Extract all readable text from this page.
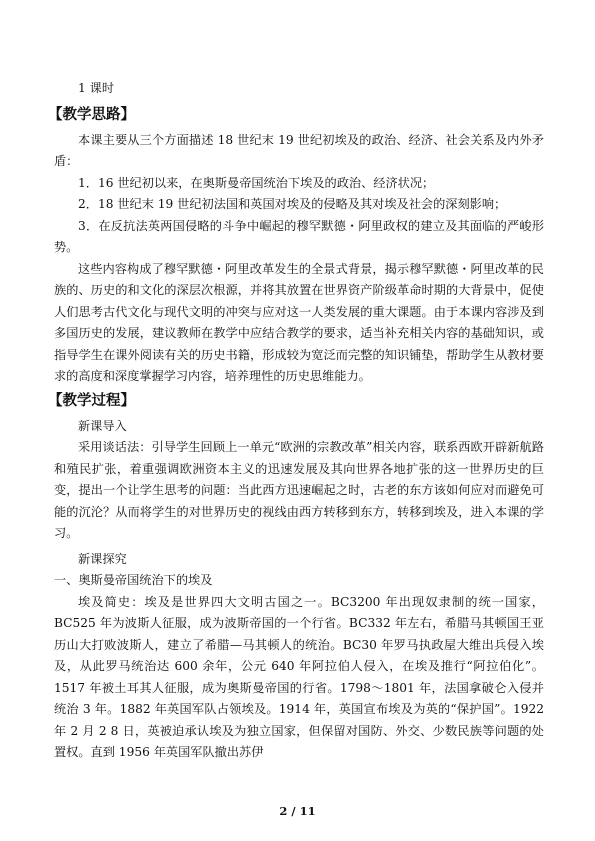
1 课时

【教学思路】

本课主要从三个方面描述 18 世纪末 19 世纪初埃及的政治、经济、社会关系及内外矛盾：

1．16 世纪初以来，在奥斯曼帝国统治下埃及的政治、经济状况；

2．18 世纪末 19 世纪初法国和英国对埃及的侵略及其对埃及社会的深刻影响；

3．在反抗法英两国侵略的斗争中崛起的穆罕默德・阿里政权的建立及其面临的严峻形势。

这些内容构成了穆罕默德・阿里改革发生的全景式背景，揭示穆罕默德・阿里改革的民族的、历史的和文化的深层次根源，并将其放置在世界资产阶级革命时期的大背景中，促使人们思考古代文化与现代文明的冲突与应对这一人类发展的重大课题。由于本课内容涉及到多国历史的发展，建议教师在教学中应结合教学的要求，适当补充相关内容的基础知识，或指导学生在课外阅读有关的历史书籍，形成较为宽泛而完整的知识铺垫，帮助学生从教材要求的高度和深度掌握学习内容，培养理性的历史思维能力。

【教学过程】

新课导入

采用谈话法：引导学生回顾上一单元“欧洲的宗教改革”相关内容，联系西欧开辟新航路和殖民扩张，着重强调欧洲资本主义的迅速发展及其向世界各地扩张的这一世界历史的巨变，提出一个让学生思考的问题：当此西方迅速崛起之时，古老的东方该如何应对而避免可能的沉沦？从而将学生的对世界历史的视线由西方转移到东方，转移到埃及，进入本课的学习。

新课探究

一、奥斯曼帝国统治下的埃及

埃及简史：埃及是世界四大文明古国之一。BC3200 年出现奴隶制的统一国家，BC525 年为波斯人征服，成为波斯帝国的一个行省。BC332 年左右，希腊马其顿国王亚历山大打败波斯人，建立了希腊—马其顿人的统治。BC30 年罗马执政屋大维出兵侵入埃及，从此罗马统治达 600 余年，公元 640 年阿拉伯人侵入，在埃及推行“阿拉伯化”。1517 年被土耳其人征服，成为奥斯曼帝国的行省。1798～1801 年，法国拿破仑入侵并统治 3 年。1882 年英国军队占领埃及。1914 年，英国宣布埃及为英的“保护国”。1922 年 2 月 2 8 日，英被迫承认埃及为独立国家，但保留对国防、外交、少数民族等问题的处置权。直到 1956 年英国军队撤出苏伊

2 / 11
